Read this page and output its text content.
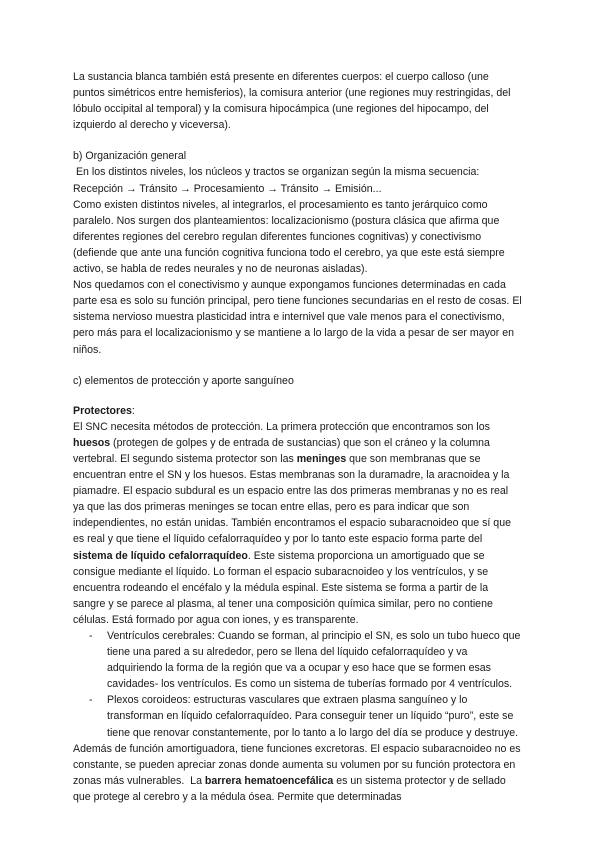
La sustancia blanca también está presente en diferentes cuerpos: el cuerpo calloso (une puntos simétricos entre hemisferios), la comisura anterior (une regiones muy restringidas, del lóbulo occipital al temporal) y la comisura hipocámpica (une regiones del hipocampo, del izquierdo al derecho y viceversa).

b) Organización general

En los distintos niveles, los núcleos y tractos se organizan según la misma secuencia: Recepción → Tránsito → Procesamiento → Tránsito → Emisión...

Como existen distintos niveles, al integrarlos, el procesamiento es tanto jerárquico como paralelo. Nos surgen dos planteamientos: localizacionismo (postura clásica que afirma que diferentes regiones del cerebro regulan diferentes funciones cognitivas) y conectivismo (defiende que ante una función cognitiva funciona todo el cerebro, ya que este está siempre activo, se habla de redes neurales y no de neuronas aisladas).

Nos quedamos con el conectivismo y aunque expongamos funciones determinadas en cada parte esa es solo su función principal, pero tiene funciones secundarias en el resto de cosas. El sistema nervioso muestra plasticidad intra e internivel que vale menos para el conectivismo, pero más para el localizacionismo y se mantiene a lo largo de la vida a pesar de ser mayor en niños.

c) elementos de protección y aporte sanguíneo

Protectores:

El SNC necesita métodos de protección. La primera protección que encontramos son los huesos (protegen de golpes y de entrada de sustancias) que son el cráneo y la columna vertebral. El segundo sistema protector son las meninges que son membranas que se encuentran entre el SN y los huesos. Estas membranas son la duramadre, la aracnoidea y la piamadre. El espacio subdural es un espacio entre las dos primeras membranas y no es real ya que las dos primeras meninges se tocan entre ellas, pero es para indicar que son independientes, no están unidas. También encontramos el espacio subaracnoideo que sí que es real y que tiene el líquido cefalorraquídeo y por lo tanto este espacio forma parte del sistema de líquido cefalorraquídeo. Este sistema proporciona un amortiguado que se consigue mediante el líquido. Lo forman el espacio subaracnoideo y los ventrículos, y se encuentra rodeando el encéfalo y la médula espinal. Este sistema se forma a partir de la sangre y se parece al plasma, al tener una composición química similar, pero no contiene células. Está formado por agua con iones, y es transparente.

- Ventrículos cerebrales: Cuando se forman, al principio el SN, es solo un tubo hueco que tiene una pared a su alrededor, pero se llena del líquido cefalorraquídeo y va adquiriendo la forma de la región que va a ocupar y eso hace que se formen esas cavidades- los ventrículos. Es como un sistema de tuberías formado por 4 ventrículos.
- Plexos coroideos: estructuras vasculares que extraen plasma sanguíneo y lo transforman en líquido cefalorraquídeo. Para conseguir tener un líquido “puro”, este se tiene que renovar constantemente, por lo tanto a lo largo del día se produce y destruye.

Además de función amortiguadora, tiene funciones excretoras. El espacio subaracnoideo no es constante, se pueden apreciar zonas donde aumenta su volumen por su función protectora en zonas más vulnerables.  La barrera hematoencefálica es un sistema protector y de sellado que protege al cerebro y a la médula ósea. Permite que determinadas
